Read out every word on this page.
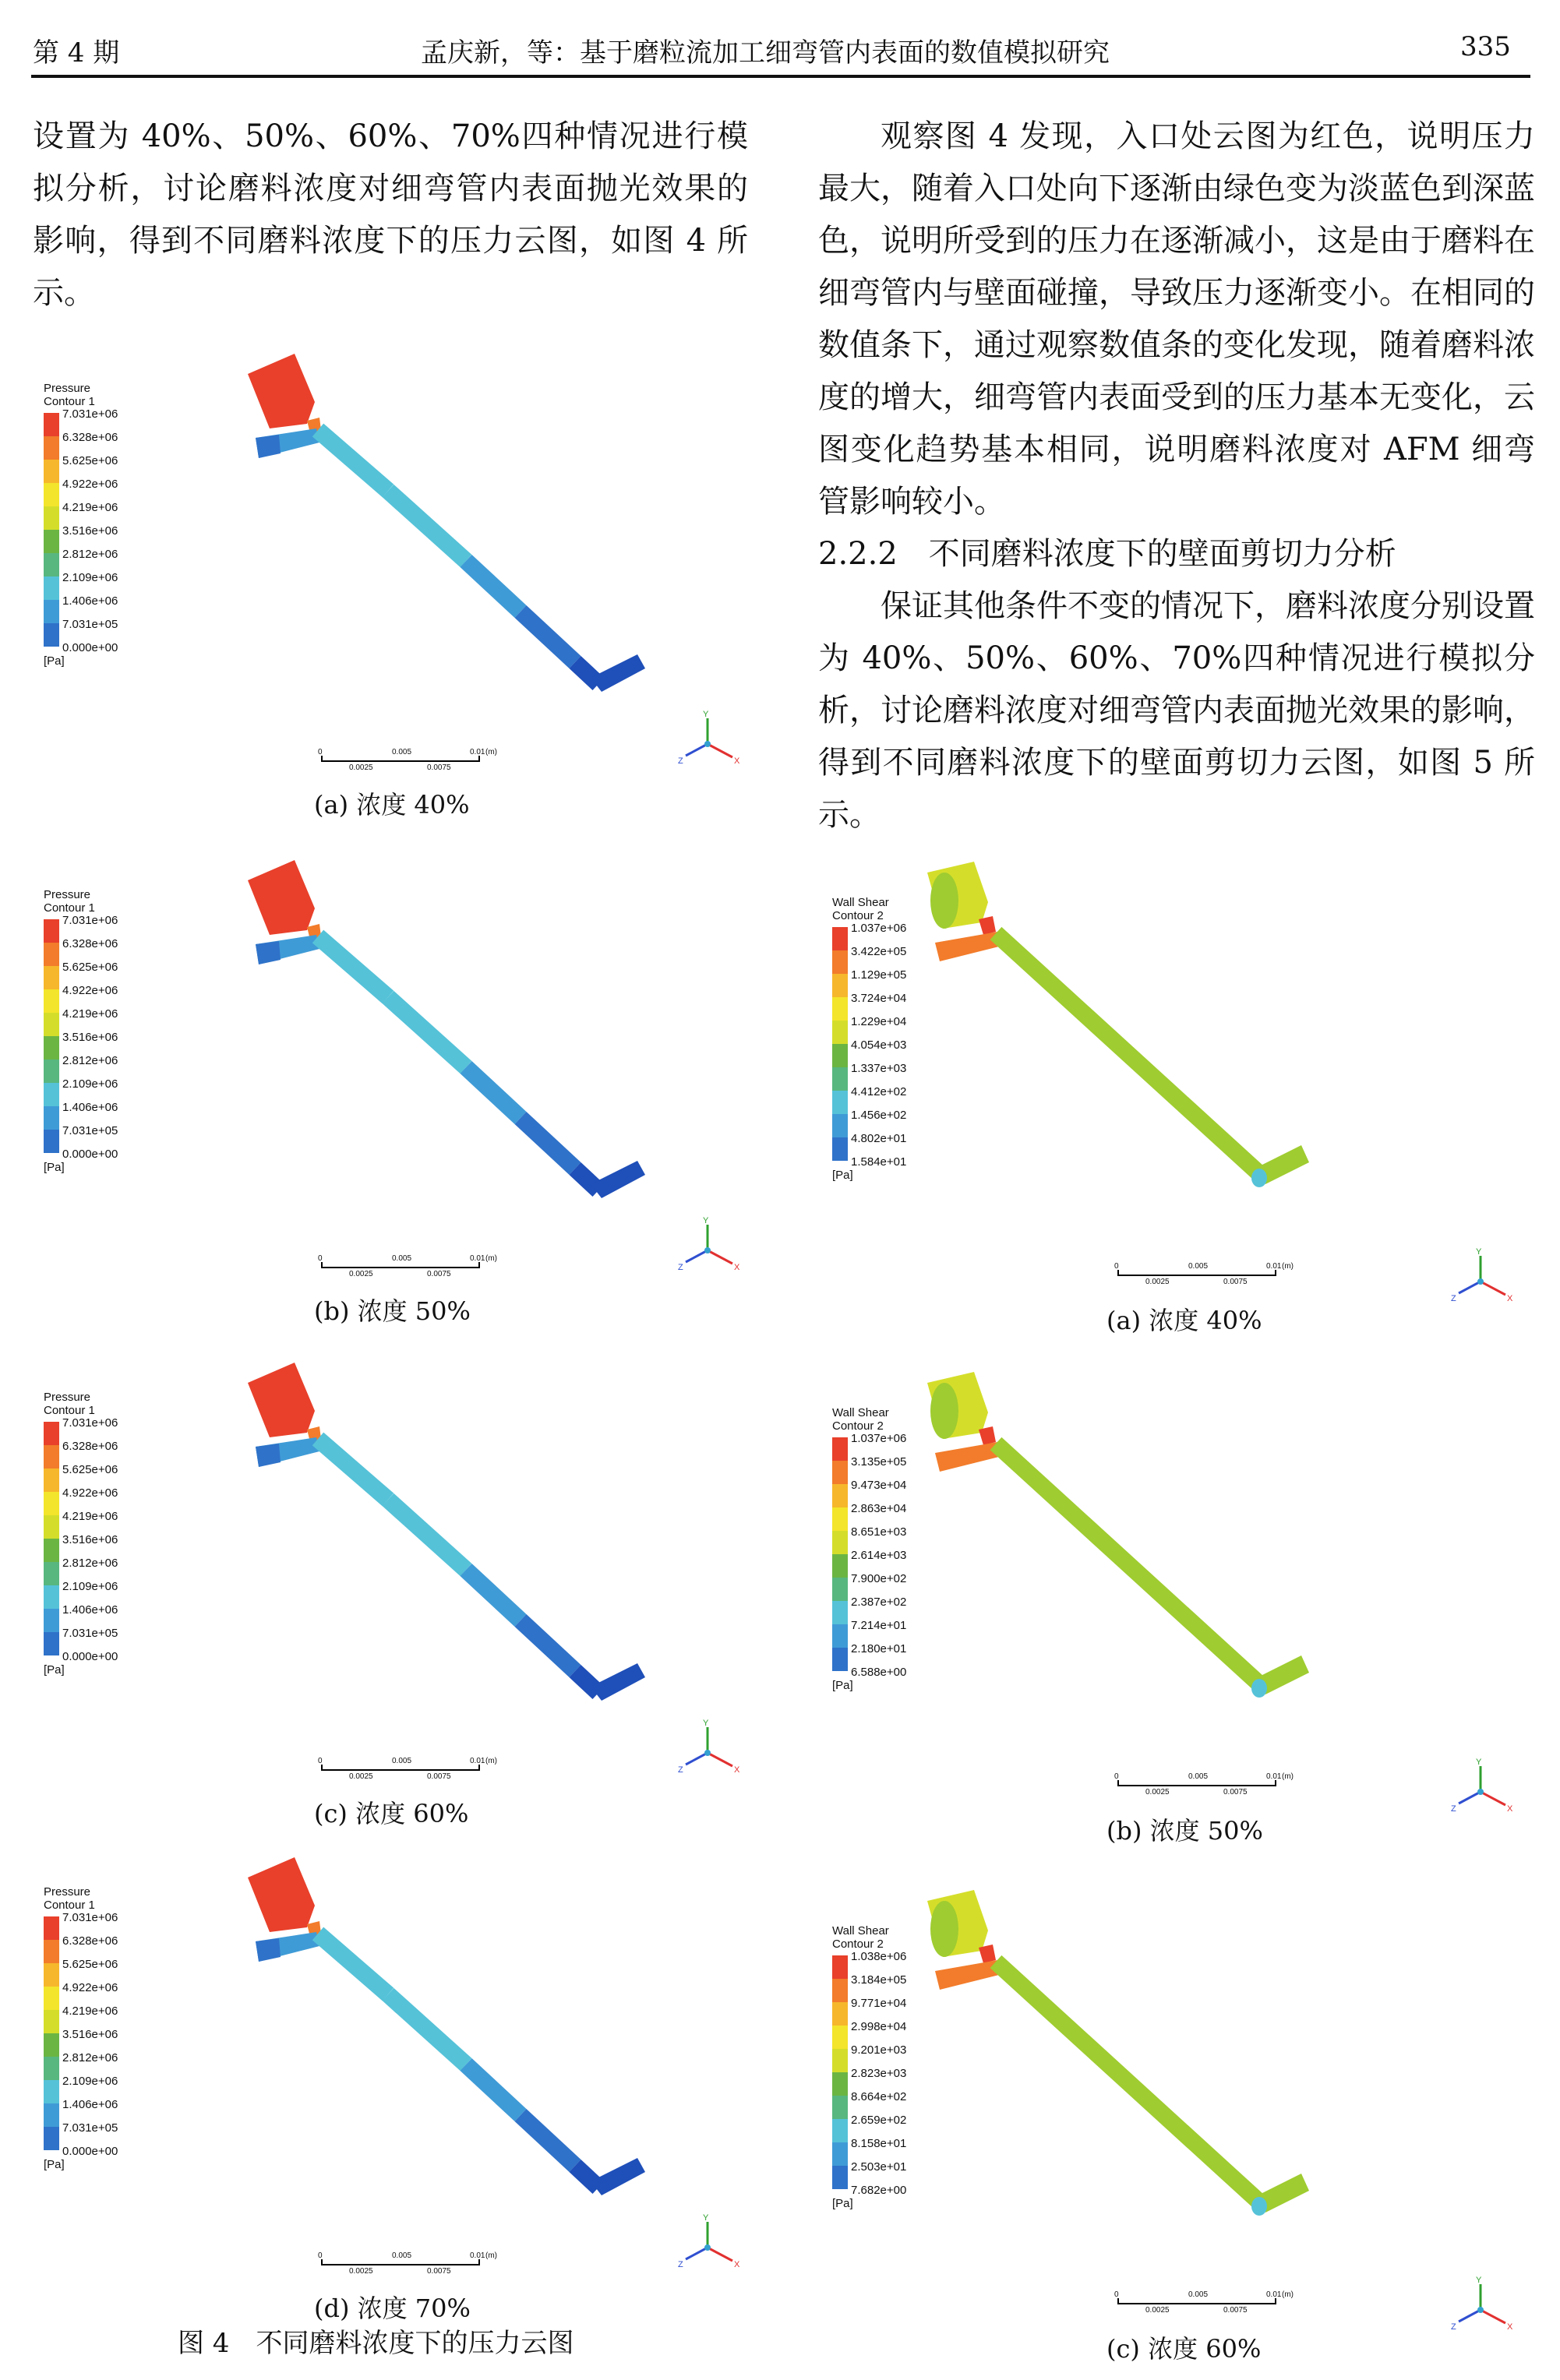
第 4 期	孟庆新，等：基于磨粒流加工细弯管内表面的数值模拟研究	335

设置为 40%、50%、60%、70%四种情况进行模拟分析，讨论磨料浓度对细弯管内表面抛光效果的影响，得到不同磨料浓度下的压力云图，如图 4 所示。

观察图 4 发现，入口处云图为红色，说明压力最大，随着入口处向下逐渐由绿色变为淡蓝色到深蓝色，说明所受到的压力在逐渐减小，这是由于磨料在细弯管内与壁面碰撞，导致压力逐渐变小。在相同的数值条下，通过观察数值条的变化发现，随着磨料浓度的增大，细弯管内表面受到的压力基本无变化，云图变化趋势基本相同，说明磨料浓度对 AFM 细弯管影响较小。

2.2.2　不同磨料浓度下的壁面剪切力分析

保证其他条件不变的情况下，磨料浓度分别设置为 40%、50%、60%、70%四种情况进行模拟分析，讨论磨料浓度对细弯管内表面抛光效果的影响，得到不同磨料浓度下的壁面剪切力云图，如图 5 所示。

Pressure
Contour 1
7.031e+06
6.328e+06
5.625e+06
4.922e+06
4.219e+06
3.516e+06
2.812e+06
2.109e+06
1.406e+06
7.031e+05
0.000e+00
[Pa]
0	0.005	0.01 (m)
0.0025	0.0075
Y
X
Z
(a) 浓度 40%
Pressure
Contour 1
7.031e+06
6.328e+06
5.625e+06
4.922e+06
4.219e+06
3.516e+06
2.812e+06
2.109e+06
1.406e+06
7.031e+05
0.000e+00
[Pa]
0	0.005	0.01 (m)
0.0025	0.0075
Y
X
Z
(b) 浓度 50%
Pressure
Contour 1
7.031e+06
6.328e+06
5.625e+06
4.922e+06
4.219e+06
3.516e+06
2.812e+06
2.109e+06
1.406e+06
7.031e+05
0.000e+00
[Pa]
0	0.005	0.01 (m)
0.0025	0.0075
Y
X
Z
(c) 浓度 60%
Pressure
Contour 1
7.031e+06
6.328e+06
5.625e+06
4.922e+06
4.219e+06
3.516e+06
2.812e+06
2.109e+06
1.406e+06
7.031e+05
0.000e+00
[Pa]
0	0.005	0.01 (m)
0.0025	0.0075
Y
X
Z
(d) 浓度 70%
图 4　不同磨料浓度下的压力云图
Wall Shear
Contour 2
1.037e+06
3.422e+05
1.129e+05
3.724e+04
1.229e+04
4.054e+03
1.337e+03
4.412e+02
1.456e+02
4.802e+01
1.584e+01
[Pa]
0	0.005	0.01 (m)
0.0025	0.0075
Y
X
Z
(a) 浓度 40%
Wall Shear
Contour 2
1.037e+06
3.135e+05
9.473e+04
2.863e+04
8.651e+03
2.614e+03
7.900e+02
2.387e+02
7.214e+01
2.180e+01
6.588e+00
[Pa]
0	0.005	0.01 (m)
0.0025	0.0075
Y
X
Z
(b) 浓度 50%
Wall Shear
Contour 2
1.038e+06
3.184e+05
9.771e+04
2.998e+04
9.201e+03
2.823e+03
8.664e+02
2.659e+02
8.158e+01
2.503e+01
7.682e+00
[Pa]
0	0.005	0.01 (m)
0.0025	0.0075
Y
X
Z
(c) 浓度 60%
